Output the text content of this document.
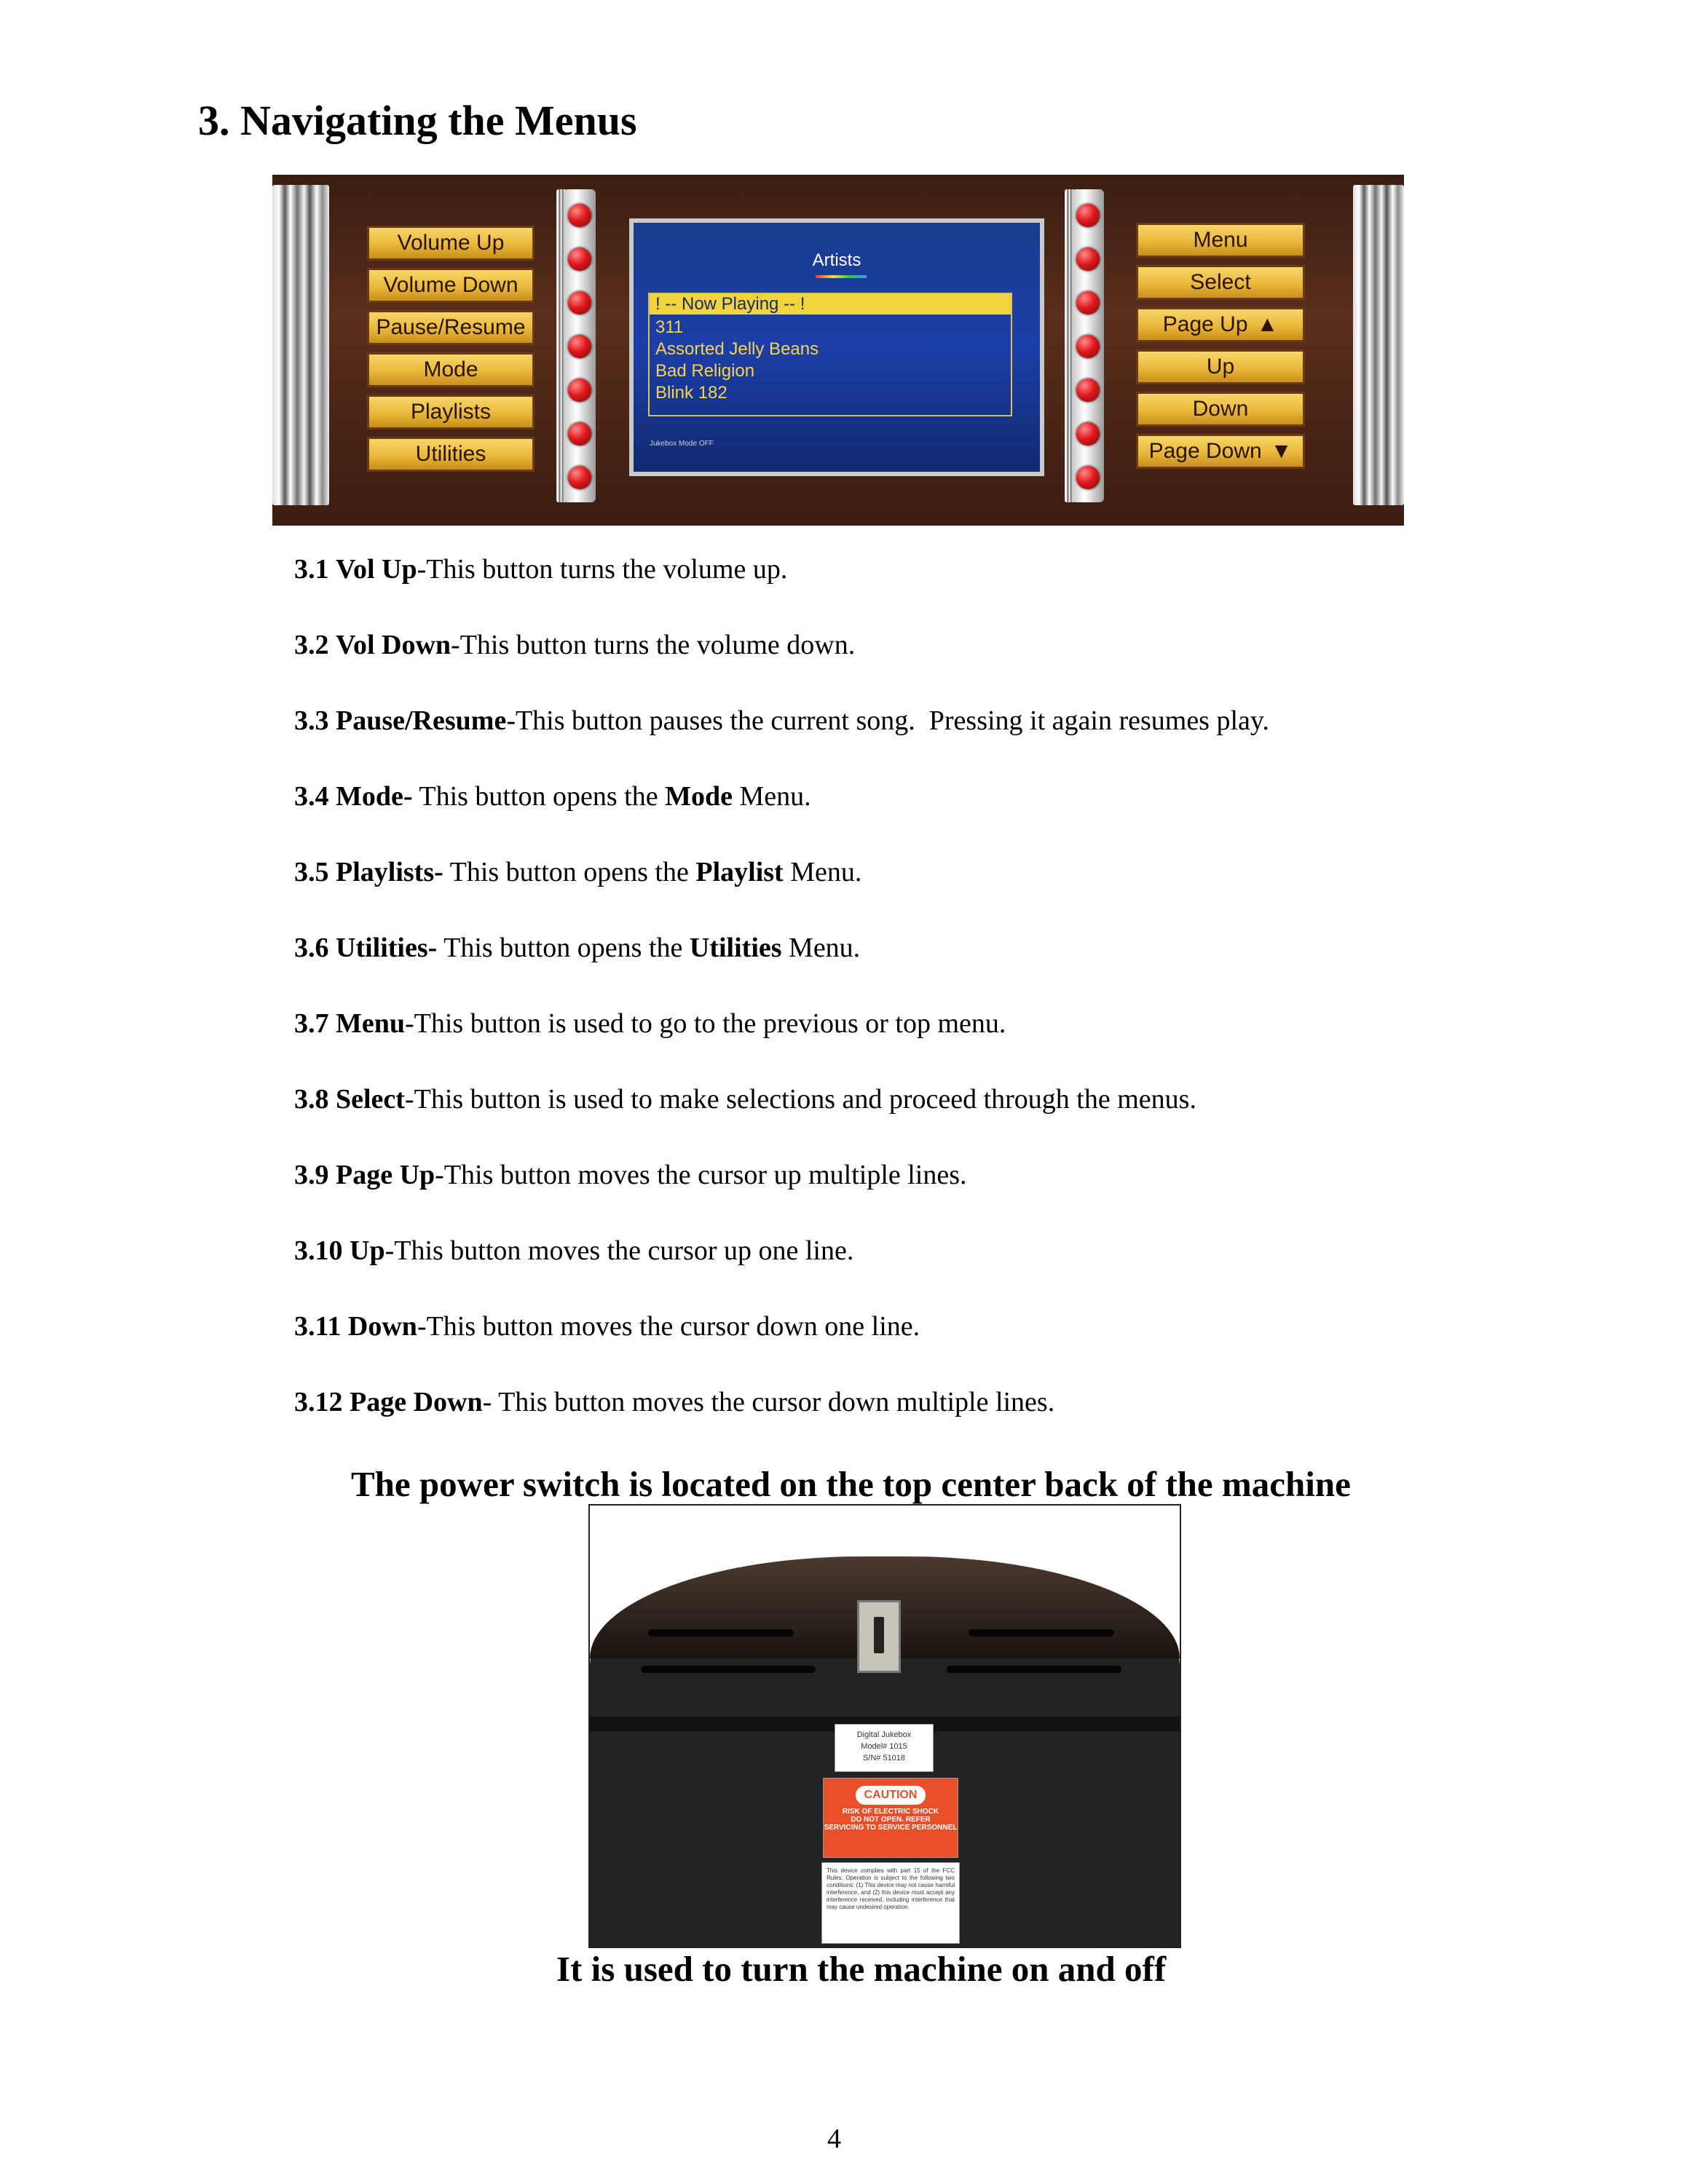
3. Navigating the Menus
Volume Up
Volume Down
Pause/Resume
Mode
Playlists
Utilities
Artists
! -- Now Playing -- !
311
Assorted Jelly Beans
Bad Religion
Blink 182
Jukebox Mode OFF
Menu
Select
Page Up ▲
Up
Down
Page Down ▼
3.1 Vol Up-This button turns the volume up.
3.2 Vol Down-This button turns the volume down.
3.3 Pause/Resume-This button pauses the current song.  Pressing it again resumes play.
3.4 Mode- This button opens the Mode Menu.
3.5 Playlists- This button opens the Playlist Menu.
3.6 Utilities- This button opens the Utilities Menu.
3.7 Menu-This button is used to go to the previous or top menu.
3.8 Select-This button is used to make selections and proceed through the menus.
3.9 Page Up-This button moves the cursor up multiple lines.
3.10 Up-This button moves the cursor up one line.
3.11 Down-This button moves the cursor down one line.
3.12 Page Down- This button moves the cursor down multiple lines.
The power switch is located on the top center back of the machine
Digital Jukebox
Model# 1015
S/N# 51018
CAUTION
RISK OF ELECTRIC SHOCK
DO NOT OPEN. REFER
SERVICING TO SERVICE PERSONNEL
This device complies with part 15 of the FCC Rules. Operation is subject to the following two conditions: (1) This device may not cause harmful interference, and (2) this device must accept any interference received, including interference that may cause undesired operation.
It is used to turn the machine on and off
4
